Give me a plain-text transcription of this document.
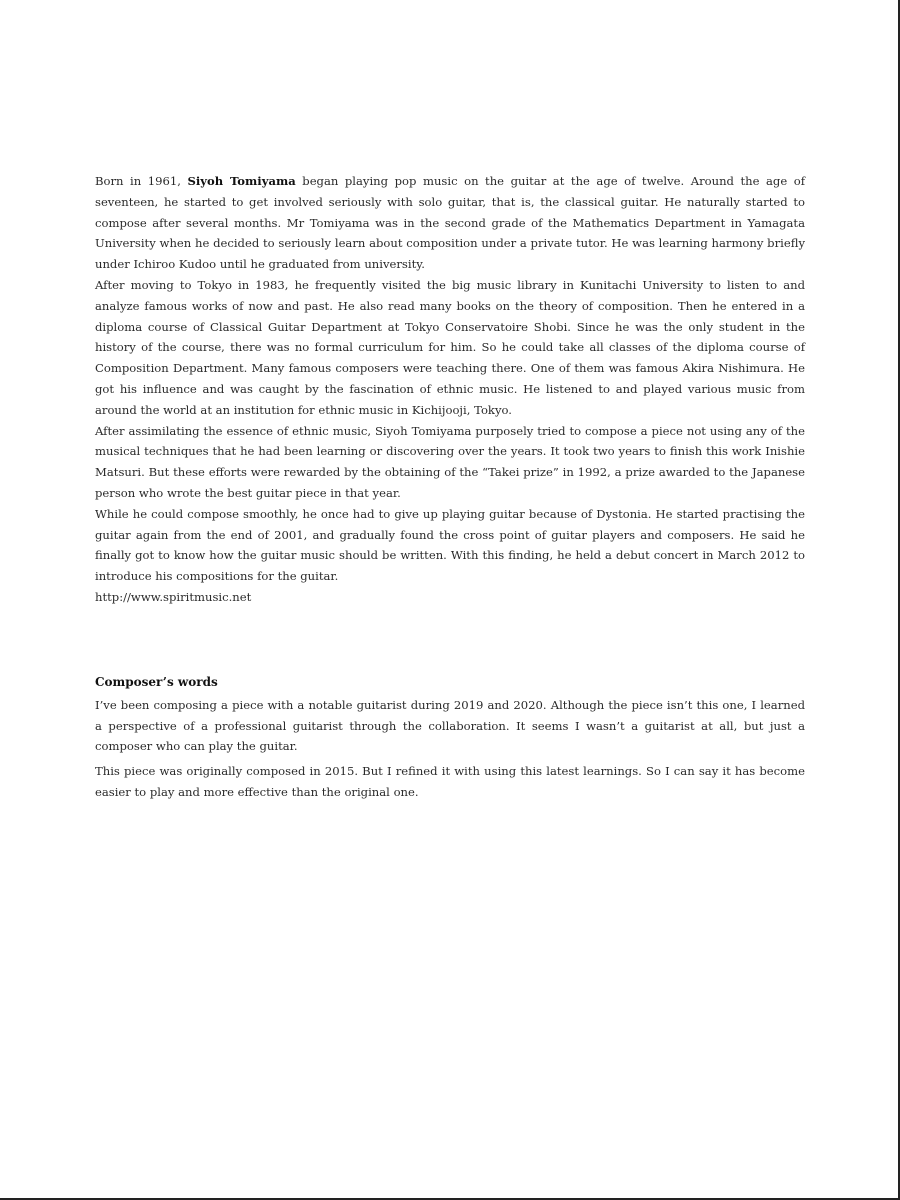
Born in 1961, Siyoh Tomiyama began playing pop music on the guitar at the age of twelve. Around the age of seventeen, he started to get involved seriously with solo guitar, that is, the classical guitar. He naturally started to compose after several months. Mr Tomiyama was in the second grade of the Mathematics Department in Yamagata University when he decided to seriously learn about composition under a private tutor. He was learning harmony briefly under Ichiroo Kudoo until he graduated from university.

After moving to Tokyo in 1983, he frequently visited the big music library in Kunitachi University to listen to and analyze famous works of now and past. He also read many books on the theory of composition. Then he entered in a diploma course of Classical Guitar Department at Tokyo Conservatoire Shobi. Since he was the only student in the history of the course, there was no formal curriculum for him. So he could take all classes of the diploma course of Composition Department. Many famous composers were teaching there. One of them was famous Akira Nishimura. He got his influence and was caught by the fascination of ethnic music. He listened to and played various music from around the world at an institution for ethnic music in Kichijooji, Tokyo.

After assimilating the essence of ethnic music, Siyoh Tomiyama purposely tried to compose a piece not using any of the musical techniques that he had been learning or discovering over the years. It took two years to finish this work Inishie Matsuri. But these efforts were rewarded by the obtaining of the “Takei prize” in 1992, a prize awarded to the Japanese person who wrote the best guitar piece in that year.

While he could compose smoothly, he once had to give up playing guitar because of Dystonia. He started practising the guitar again from the end of 2001, and gradually found the cross point of guitar players and composers. He said he finally got to know how the guitar music should be written. With this finding, he held a debut concert in March 2012 to introduce his compositions for the guitar.

http://www.spiritmusic.net

Composer’s words

I’ve been composing a piece with a notable guitarist during 2019 and 2020. Although the piece isn’t this one, I learned a perspective of a professional guitarist through the collaboration. It seems I wasn’t a guitarist at all, but just a composer who can play the guitar.

This piece was originally composed in 2015. But I refined it with using this latest learnings. So I can say it has become easier to play and more effective than the original one.
